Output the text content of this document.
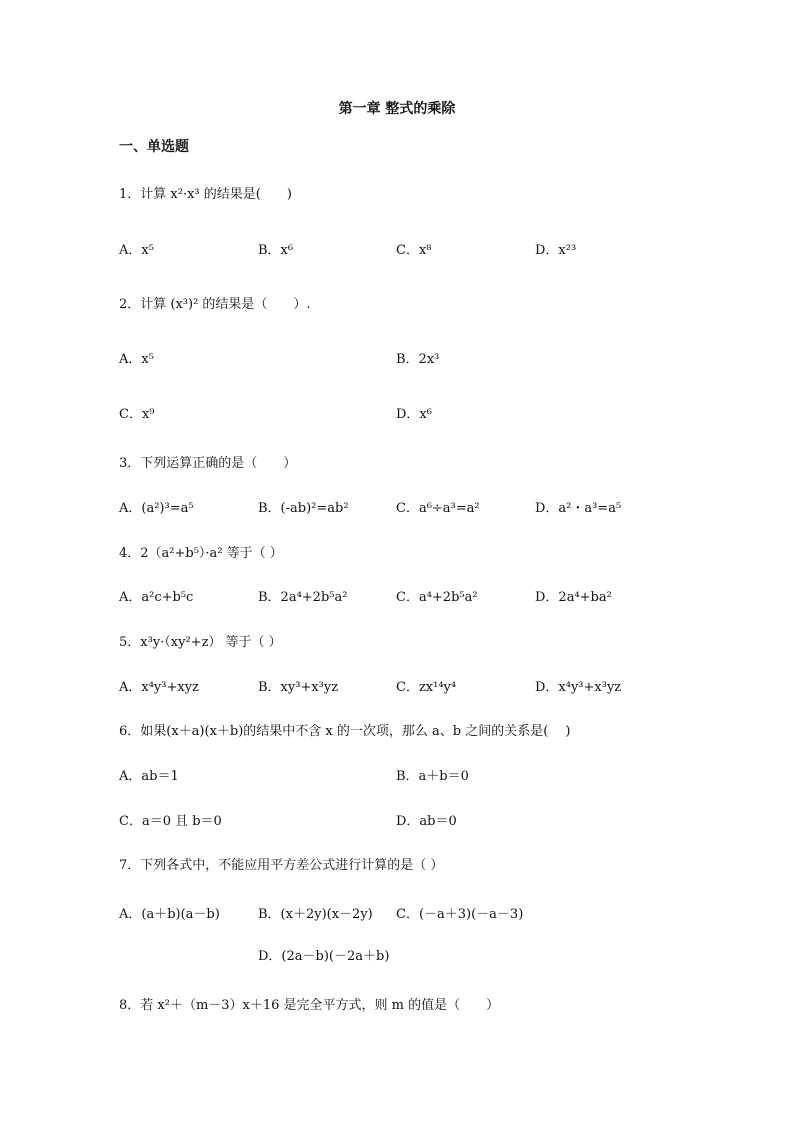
第一章 整式的乘除
一、单选题
1．计算 x²·x³ 的结果是(　　)
A．x⁵	B．x⁶	C．x⁸	D．x²³
2．计算 (x³)² 的结果是（　　）.
A．x⁵	B．2x³
C．x⁹	D．x⁶
3．下列运算正确的是（　　）
A．(a²)³=a⁵	B．(-ab)²=ab²	C．a⁶÷a³=a²	D．a²・a³=a⁵
4．2（a²+b⁵）·a² 等于（ ）
A．a²c+b⁵c	B．2a⁴+2b⁵a²	C．a⁴+2b⁵a²	D．2a⁴+ba²
5．x³y·（xy²+z） 等于（ ）
A．x⁴y³+xyz	B．xy³+x³yz	C．zx¹⁴y⁴	D．x⁴y³+x³yz
6．如果(x＋a)(x＋b)的结果中不含 x 的一次项，那么 a、b 之间的关系是(　 )
A．ab＝1	B．a＋b＝0
C．a＝0 且 b＝0	D．ab＝0
7．下列各式中，不能应用平方差公式进行计算的是（ ）
A．(a＋b)(a－b)	B．(x＋2y)(x－2y) C．(－a＋3)(－a－3)
D．(2a－b)(－2a＋b)
8．若 x²＋（m－3）x＋16 是完全平方式，则 m 的值是（　　）
